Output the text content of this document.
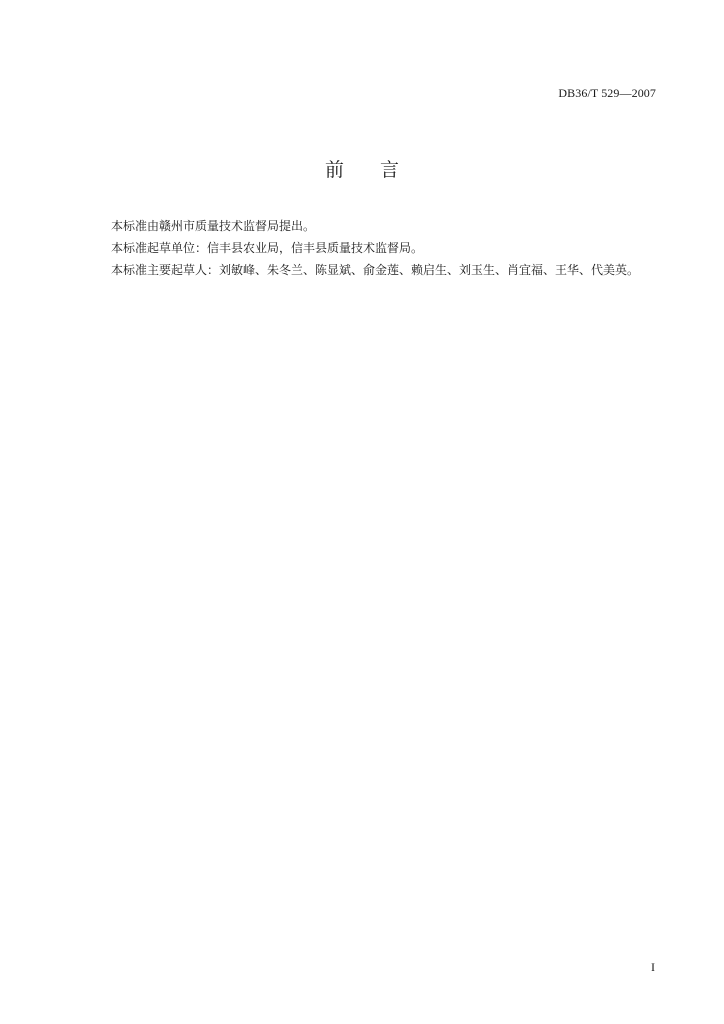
DB36/T 529—2007
前 言
本标准由赣州市质量技术监督局提出。
本标准起草单位：信丰县农业局，信丰县质量技术监督局。
本标准主要起草人：刘敏峰、朱冬兰、陈显斌、俞金莲、赖启生、刘玉生、肖宜福、王华、代美英。
I
